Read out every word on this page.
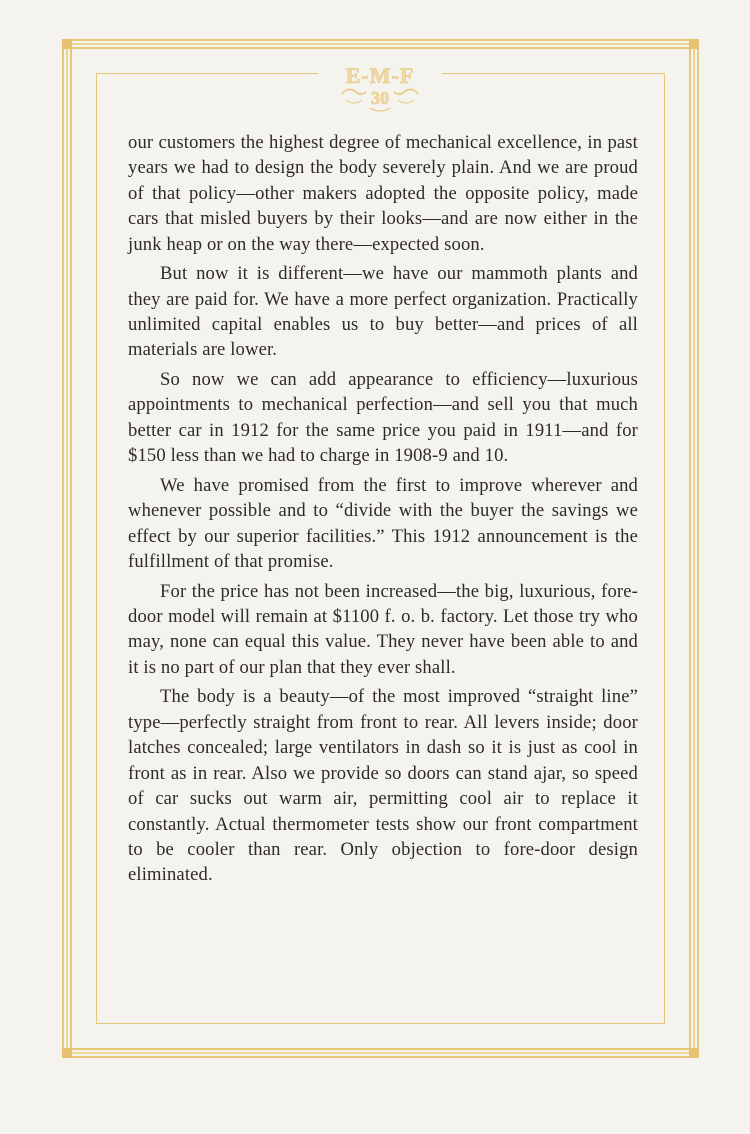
E-M-F
30

our customers the highest degree of mechanical excellence, in past years we had to design the body severely plain. And we are proud of that policy—other makers adopted the opposite policy, made cars that misled buyers by their looks—and are now either in the junk heap or on the way there—expected soon.

But now it is different—we have our mammoth plants and they are paid for. We have a more perfect organization. Practically unlimited capital enables us to buy better—and prices of all materials are lower.

So now we can add appearance to efficiency—luxurious appointments to mechanical perfection—and sell you that much better car in 1912 for the same price you paid in 1911—and for $150 less than we had to charge in 1908-9 and 10.

We have promised from the first to improve wherever and whenever possible and to “divide with the buyer the savings we effect by our superior facilities.” This 1912 announcement is the fulfillment of that promise.

For the price has not been increased—the big, luxurious, fore-door model will remain at $1100 f. o. b. factory. Let those try who may, none can equal this value. They never have been able to and it is no part of our plan that they ever shall.

The body is a beauty—of the most improved “straight line” type—perfectly straight from front to rear. All levers inside; door latches concealed; large ventilators in dash so it is just as cool in front as in rear. Also we provide so doors can stand ajar, so speed of car sucks out warm air, permitting cool air to replace it constantly. Actual thermometer tests show our front compartment to be cooler than rear. Only objection to fore-door design eliminated.
